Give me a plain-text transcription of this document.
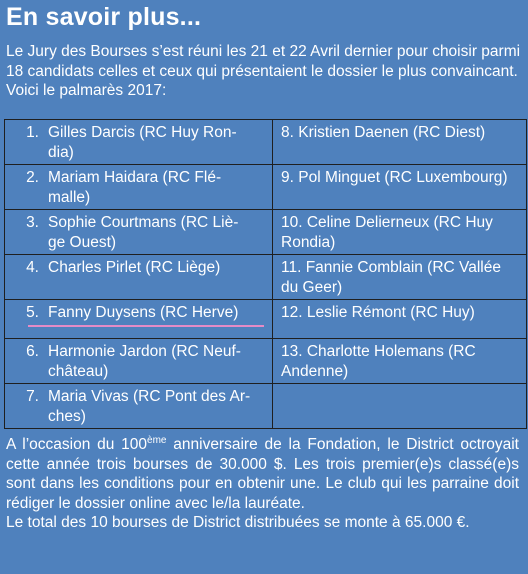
En savoir plus...

Le Jury des Bourses s’est réuni les 21 et 22 Avril dernier pour choisir parmi 18 candidats celles et ceux qui présentaient le dossier le plus convaincant.

Voici le palmarès 2017:

1. Gilles Darcis (RC Huy Ron-
dia)	8. Kristien Daenen (RC Diest)
2. Mariam Haidara (RC Flé-
malle)	9. Pol Minguet (RC Luxembourg)
3. Sophie Courtmans (RC Liè-
ge Ouest)	10. Celine Delierneux (RC Huy
Rondia)
4. Charles Pirlet (RC Liège)	11. Fannie Comblain (RC Vallée
du Geer)
5. Fanny Duysens (RC Herve)	12. Leslie Rémont (RC Huy)
6. Harmonie Jardon (RC Neuf-
château)	13. Charlotte Holemans (RC
Andenne)
7. Maria Vivas (RC Pont des Ar-
ches)	

A l’occasion du 100ème anniversaire de la Fondation, le District octroyait cette année trois bourses de 30.000 $. Les trois premier(e)s classé(e)s sont dans les conditions pour en obtenir une. Le club qui les parraine doit rédiger le dossier online avec le/la lauréate.

Le total des 10 bourses de District distribuées se monte à 65.000 €.
